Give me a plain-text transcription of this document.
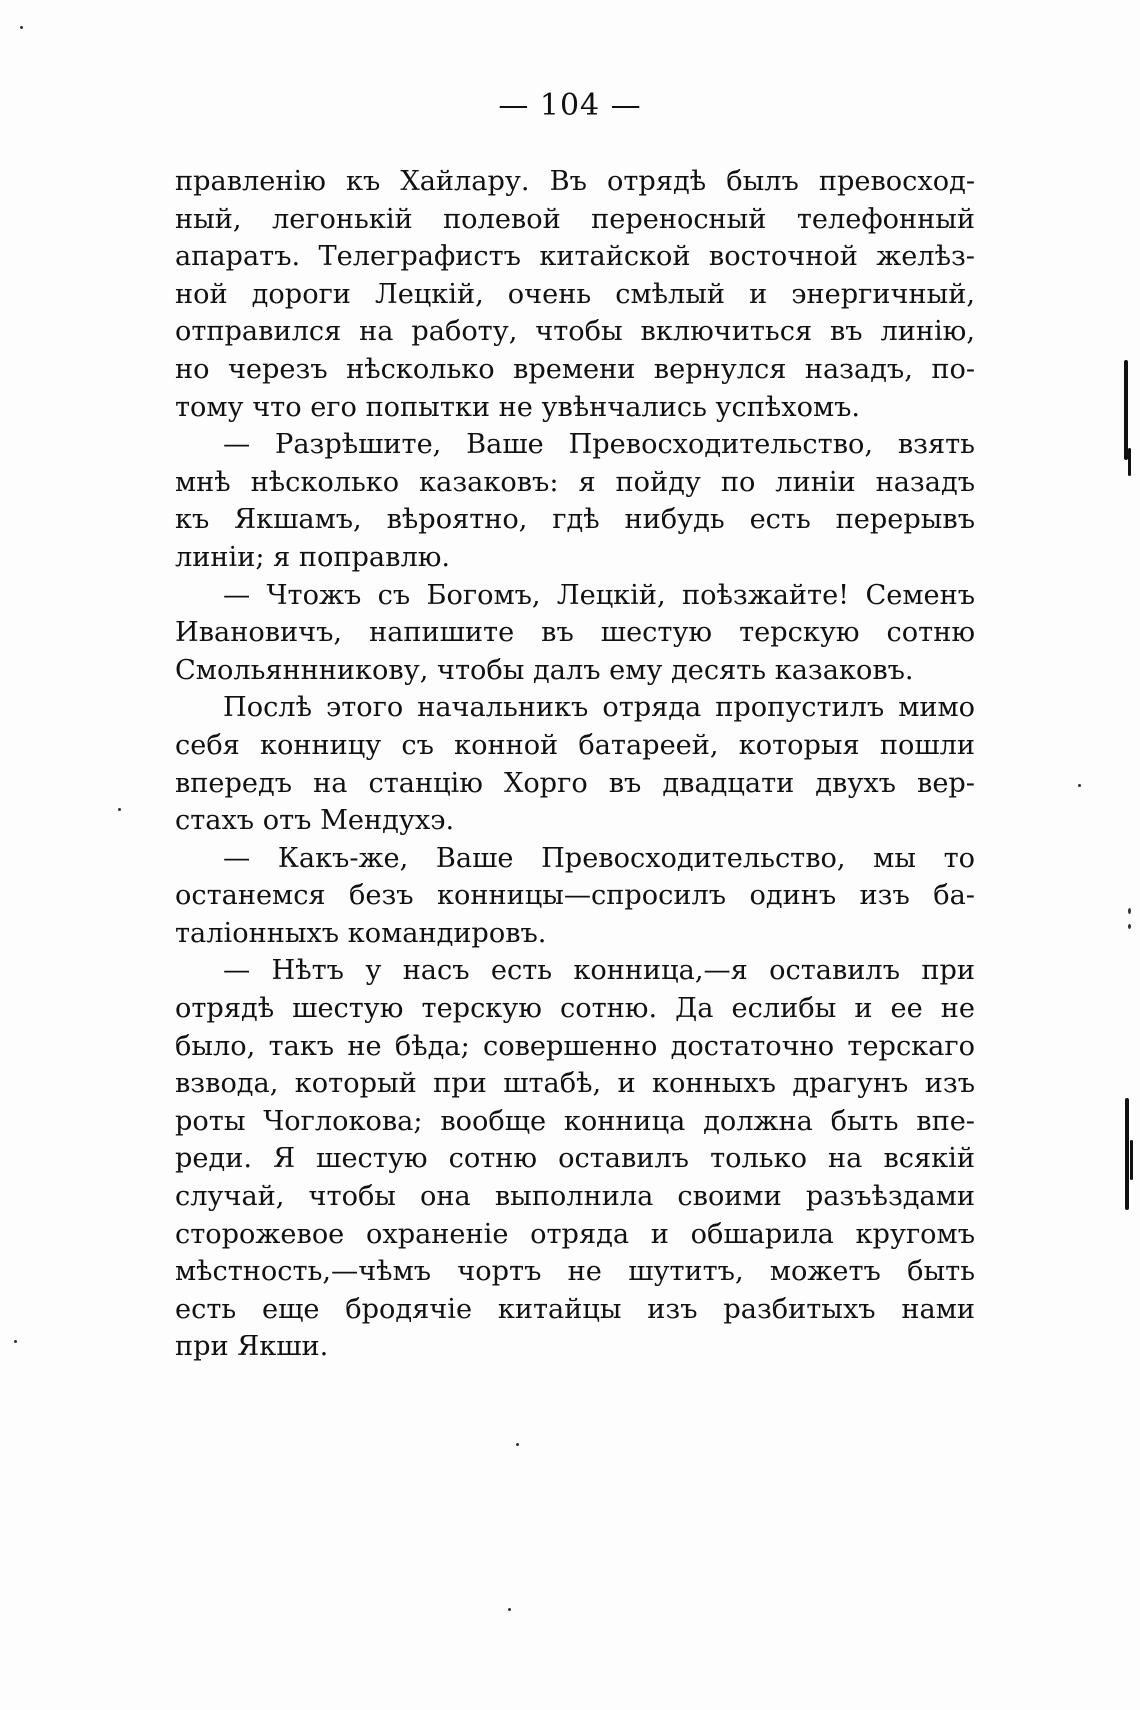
— 104 —
правленію къ Хайлару. Въ отрядѣ былъ превосход-
ный, легонькій полевой переносный телефонный
апаратъ. Телеграфистъ китайской восточной желѣз-
ной дороги Лецкій, очень смѣлый и энергичный,
отправился на работу, чтобы включиться въ линію,
но черезъ нѣсколько времени вернулся назадъ, по-
тому что его попытки не увѣнчались успѣхомъ.
— Разрѣшите, Ваше Превосходительство, взять
мнѣ нѣсколько казаковъ: я пойду по линіи назадъ
къ Якшамъ, вѣроятно, гдѣ нибудь есть перерывъ
линіи; я поправлю.
— Чтожъ съ Богомъ, Лецкій, поѣзжайте! Семенъ
Ивановичъ, напишите въ шестую терскую сотню
Смольяннникову, чтобы далъ ему десять казаковъ.
Послѣ этого начальникъ отряда пропустилъ мимо
себя конницу съ конной батареей, которыя пошли
впередъ на станцію Хорго въ двадцати двухъ вер-
стахъ отъ Мендухэ.
— Какъ-же, Ваше Превосходительство, мы то
останемся безъ конницы—спросилъ одинъ изъ ба-
таліонныхъ командировъ.
— Нѣтъ у насъ есть конница,—я оставилъ при
отрядѣ шестую терскую сотню. Да еслибы и ее не
было, такъ не бѣда; совершенно достаточно терскаго
взвода, который при штабѣ, и конныхъ драгунъ изъ
роты Чоглокова; вообще конница должна быть впе-
реди. Я шестую сотню оставилъ только на всякій
случай, чтобы она выполнила своими разъѣздами
сторожевое охраненіе отряда и обшарила кругомъ
мѣстность,—чѣмъ чортъ не шутитъ, можетъ быть
есть еще бродячіе китайцы изъ разбитыхъ нами
при Якши.
